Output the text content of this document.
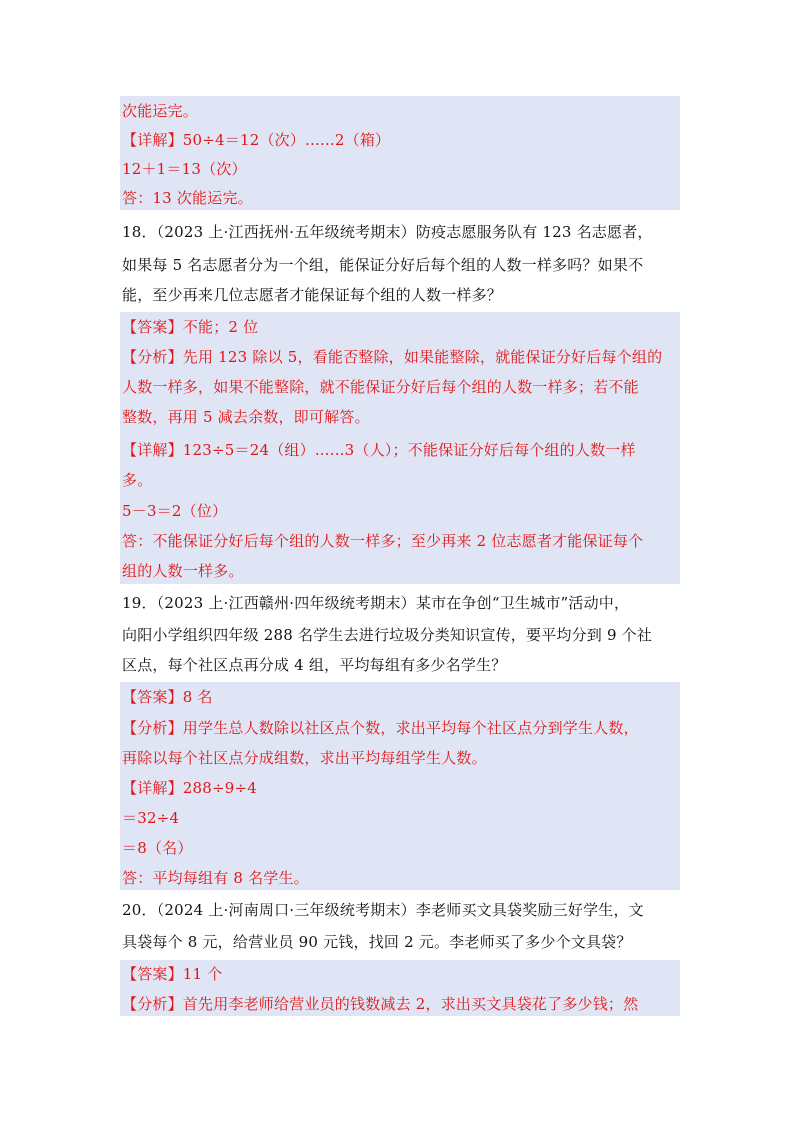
次能运完。
【详解】50÷4＝12（次）......2（箱）
12＋1＝13（次）
答：13 次能运完。
18．（2023 上·江西抚州·五年级统考期末）防疫志愿服务队有 123 名志愿者，
如果每 5 名志愿者分为一个组，能保证分好后每个组的人数一样多吗？如果不
能，至少再来几位志愿者才能保证每个组的人数一样多？
【答案】不能；2 位
【分析】先用 123 除以 5，看能否整除，如果能整除，就能保证分好后每个组的
人数一样多，如果不能整除，就不能保证分好后每个组的人数一样多；若不能
整数，再用 5 减去余数，即可解答。
【详解】123÷5＝24（组）......3（人）；不能保证分好后每个组的人数一样
多。
5－3＝2（位）
答：不能保证分好后每个组的人数一样多；至少再来 2 位志愿者才能保证每个
组的人数一样多。
19．（2023 上·江西赣州·四年级统考期末）某市在争创“卫生城市”活动中，
向阳小学组织四年级 288 名学生去进行垃圾分类知识宣传，要平均分到 9 个社
区点，每个社区点再分成 4 组，平均每组有多少名学生？
【答案】8 名
【分析】用学生总人数除以社区点个数，求出平均每个社区点分到学生人数，
再除以每个社区点分成组数，求出平均每组学生人数。
【详解】288÷9÷4
＝32÷4
＝8（名）
答：平均每组有 8 名学生。
20．（2024 上·河南周口·三年级统考期末）李老师买文具袋奖励三好学生，文
具袋每个 8 元，给营业员 90 元钱，找回 2 元。李老师买了多少个文具袋？
【答案】11 个
【分析】首先用李老师给营业员的钱数减去 2，求出买文具袋花了多少钱；然
